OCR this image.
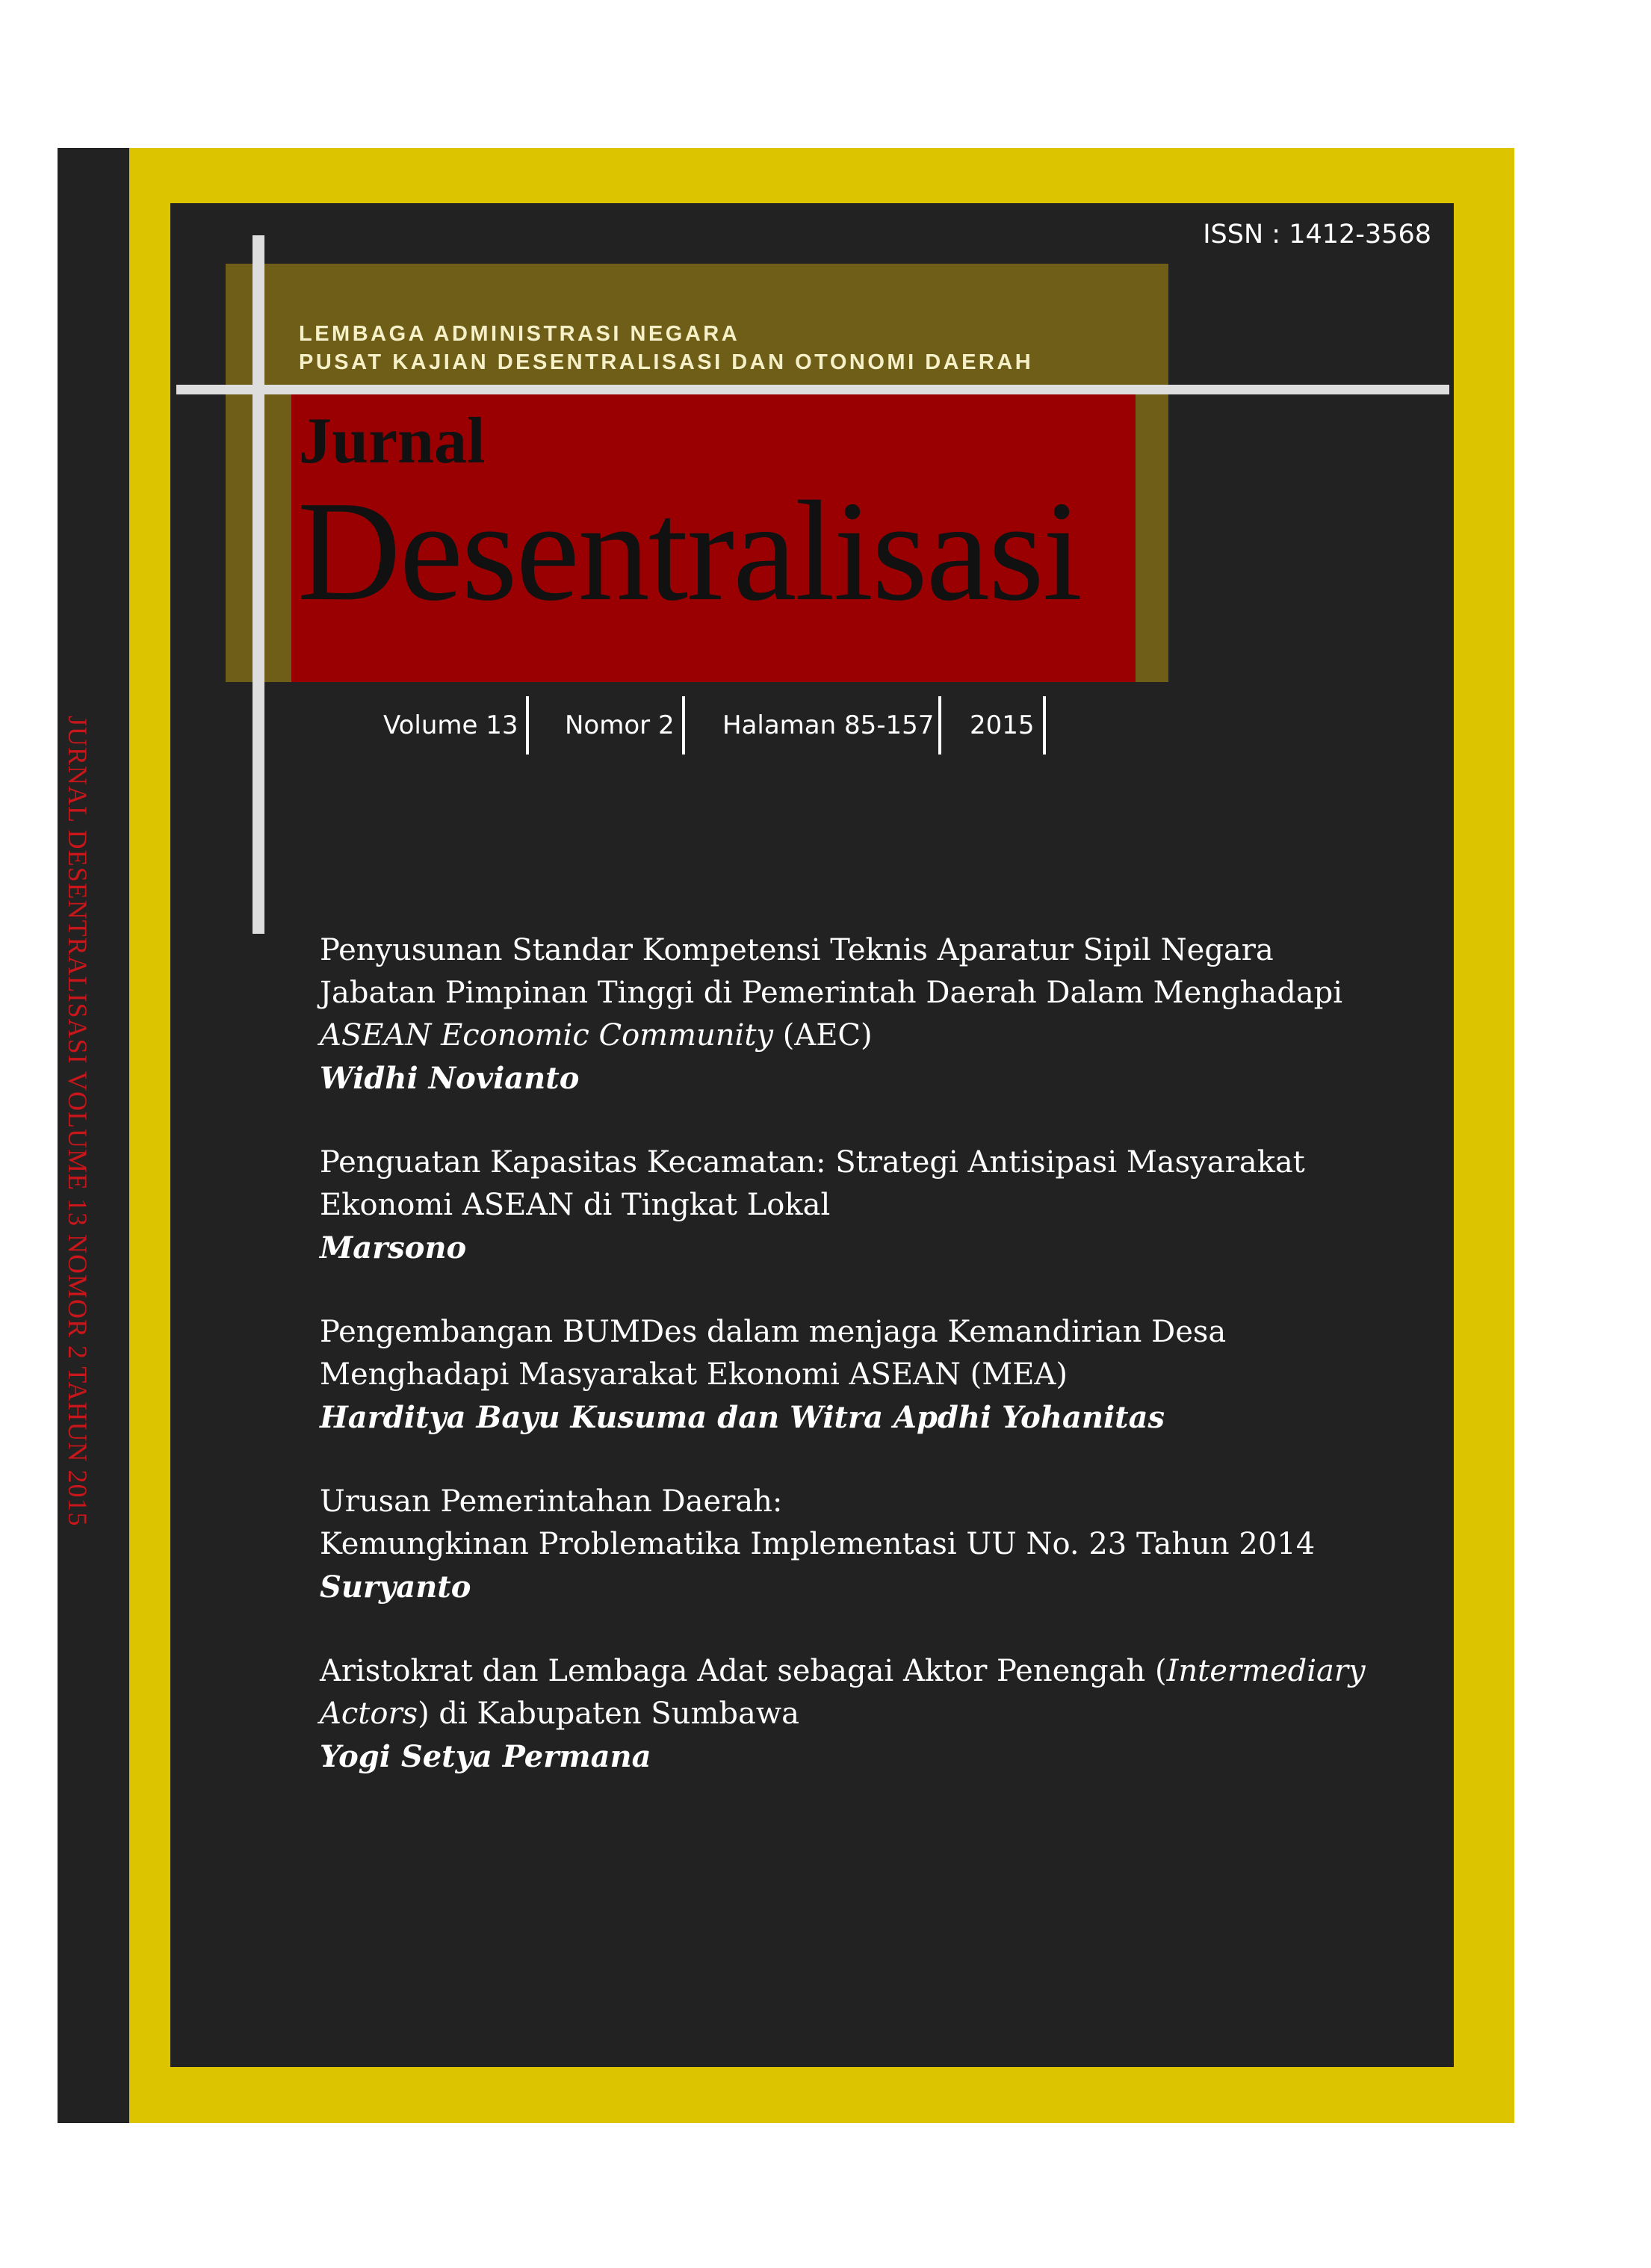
JURNAL DESENTRALISASI VOLUME 13 NOMOR 2 TAHUN 2015
ISSN : 1412-3568
LEMBAGA ADMINISTRASI NEGARA
PUSAT KAJIAN DESENTRALISASI DAN OTONOMI DAERAH
Jurnal
Desentralisasi
Volume 13 Nomor 2 Halaman 85-157 2015
Penyusunan Standar Kompetensi Teknis Aparatur Sipil Negara
Jabatan Pimpinan Tinggi di Pemerintah Daerah Dalam Menghadapi
ASEAN Economic Community (AEC)
Widhi Novianto
Penguatan Kapasitas Kecamatan: Strategi Antisipasi Masyarakat
Ekonomi ASEAN di Tingkat Lokal
Marsono
Pengembangan BUMDes dalam menjaga Kemandirian Desa
Menghadapi Masyarakat Ekonomi ASEAN (MEA)
Harditya Bayu Kusuma dan Witra Apdhi Yohanitas
Urusan Pemerintahan Daerah:
Kemungkinan Problematika Implementasi UU No. 23 Tahun 2014
Suryanto
Aristokrat dan Lembaga Adat sebagai Aktor Penengah (Intermediary
Actors) di Kabupaten Sumbawa
Yogi Setya Permana
